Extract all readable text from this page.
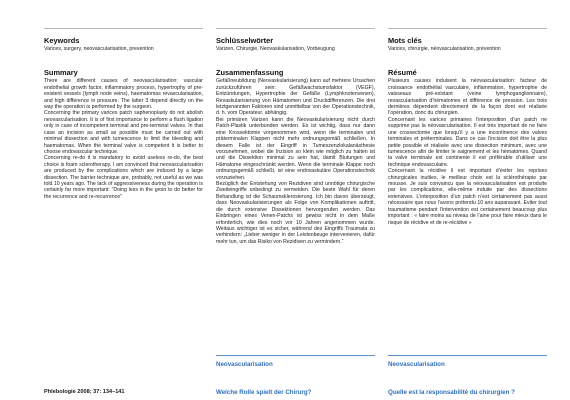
Keywords

Varices, surgery, neovascularisation, prevention

Summary

There are different causes of neovascularisation: vascular endothelial growth factor, inflammatory process, hypertrophy of pre-existent vessels (lymph node veins), haematomas revascularisation, and high difference in pressure. The latter 3 depend directly on the way the operation is performed by the surgeon.

Concerning the primary varices patch saphenoplasty do not abolish neovascularisation. It is of first importance to perform a flush ligation only in case of incompetent terminal and pre-terminal valves. In that case an incision as small as possible must be carried out with minimal dissection and with tumescence to limit the bleeding and haematomas. When the terminal valve is competent it is better to choose endovascular technique.

Concerning re-do it is mandatory to avoid useless re-do, the best choice is foam sclerotherapy. I am convinced that neovascularisation are produced by the complications which are induced by a large dissection. The barrier technique are, probably, not useful as we was told 10 years ago. The lack of aggressiveness during the operation is certainly far more important: “Doing less in the groin to do better for the recurrence and re-recurrence”

Schlüsselwörter

Varizen, Chirurgie, Neovaskularisation, Vorbeugung

Zusammenfassung

Gefäßneubildung (Neovaskularisierung) kann auf mehrere Ursachen zurückzuführen sein: Gefäßwachstumsfaktor (VEGF), Entzündungen, Hypertrophie der Gefäße (Lymphknotenvenen), Revaskularisierung von Hämatomen und Druckdifferenzen. Die drei letztgenannten Faktoren sind unmittelbar von der Operationstechnik, d. h. vom Operateur, abhängig.

Bei primären Varizen kann die Neovaskularisierung nicht durch Patch-Plastik unterbunden werden. Es ist wichtig, dass nur dann eine Krossektomie vorgenommen wird, wenn die terminalen und präterminalen Klappen nicht mehr ordnungsgemäß schließen. In diesem Falle ist der Eingriff in Tumeszenzlokalanästhesie vorzunehmen, wobei die Inzision so klein wie möglich zu halten ist und die Dissektion minimal zu sein hat, damit Blutungen und Hämatome eingeschränkt werden. Wenn die terminale Klappe noch ordnungsgemäß schließt, ist eine endovaskuläre Operationstechnik vorzuziehen.

Bezüglich der Entstehung von Rezidiven sind unnötige chirurgische Zweiteingriffe unbedingt zu vermeiden. Die beste Wahl für deren Behandlung ist die Schaumsklerosierung. Ich bin davon überzeugt, dass Neovaskularisierungen als Folge von Komplikationen auftritt, die durch extensive Dissektionen hervorgerufen werden. Das Einbringen eines Venen-Patchs ist gewiss nicht in dem Maße erforderlich, wie dies noch vor 10 Jahren angenommen wurde. Weitaus wichtiger ist es sicher, während des Eingriffs Traumata zu verhindern: „Lieber weniger in der Leistenbeuge intervenieren, dafür mehr tun, um das Risiko von Rezidiven zu vermindern.“

Mots clés

Varices, chirurgie, néovascularisation, prévention

Résumé

Plusieurs causes induisent la néovascularisation: facteur de croissance endothélial vasculaire, inflammation, hypertrophie de vaisseaux pré-existant (veine lymphoganglionnaire), revascularisation d’hématomes et différence de pression. Les trois dernières dépendent directement de la façon dont est réalisée l’opération, donc du chirurgien.

Concernant les varices primaires l’interposition d’un patch ne supprime pas la néovascularisation. Il est très important de ne faire une crossectomie que lorsqu’il y a une incontinence des valves terminales et préterminales. Dans ce cas l’incision doit être la plus petite possible et réalisée avec une dissection minimum, avec une tumescence afin de limiter le saignement et les hématomes. Quand la valve terminale est continente il est préférable d’utiliser une technique endovasculaire.

Concernant la récidive il est important d’éviter les reprises chirurgicales inutiles, le meilleur choix est la sclérothérapie par mousse. Je suis convaincu que la néovascularisation est produite par les complications, elle-même induite par des dissections extensives. L’interposition d’un patch n’est certainement pas aussi nécessaire que nous l’avons prétendu 10 ans auparavant. Eviter tout traumatisme pendant l’intervention est certainement beaucoup plus important : « faire moins au niveau de l’aine pour faire mieux dans le risque de récidive et de re-récidive »

Neovascularisation

Welche Rolle spielt der Chirurg?

Neovascularisation

Quelle est la responsabilité du chirurgien ?

Phlebologie 2008; 37: 134–141
